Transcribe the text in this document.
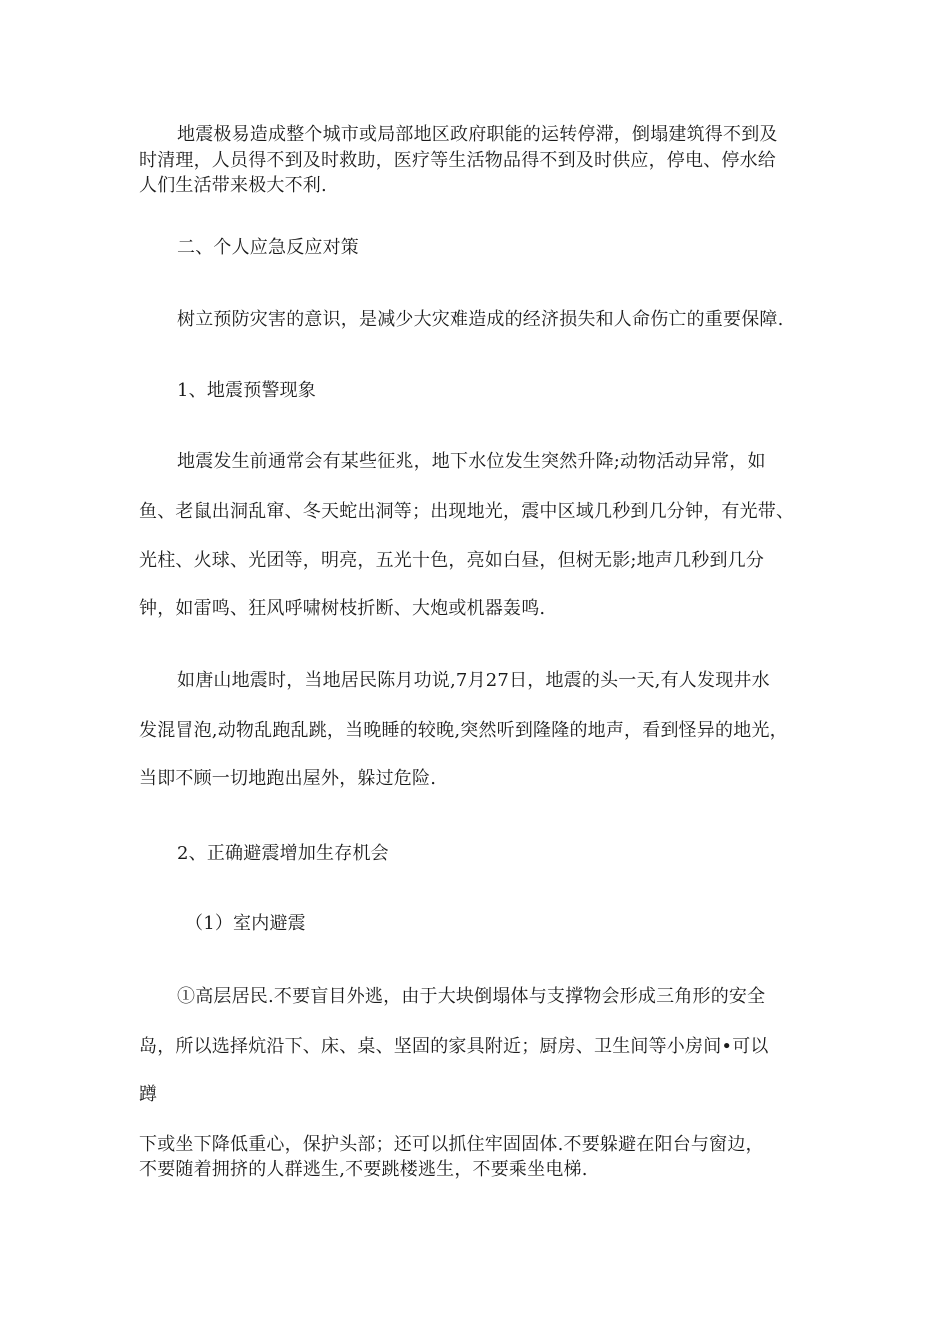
地震极易造成整个城市或局部地区政府职能的运转停滞，倒塌建筑得不到及
时清理，人员得不到及时救助，医疗等生活物品得不到及时供应，停电、停水给
人们生活带来极大不利.
二、个人应急反应对策
树立预防灾害的意识，是减少大灾难造成的经济损失和人命伤亡的重要保障.
1、地震预警现象
地震发生前通常会有某些征兆，地下水位发生突然升降;动物活动异常，如
鱼、老鼠出洞乱窜、冬天蛇出洞等；出现地光，震中区域几秒到几分钟，有光带、
光柱、火球、光团等，明亮，五光十色，亮如白昼，但树无影;地声几秒到几分
钟，如雷鸣、狂风呼啸树枝折断、大炮或机器轰鸣.
如唐山地震时，当地居民陈月功说,7月27日，地震的头一天,有人发现井水
发混冒泡,动物乱跑乱跳，当晚睡的较晚,突然听到隆隆的地声，看到怪异的地光，
当即不顾一切地跑出屋外，躲过危险.
2、正确避震增加生存机会
（1）室内避震
①高层居民.不要盲目外逃，由于大块倒塌体与支撑物会形成三角形的安全
岛，所以选择炕沿下、床、桌、坚固的家具附近；厨房、卫生间等小房间•可以
蹲
下或坐下降低重心，保护头部；还可以抓住牢固固体.不要躲避在阳台与窗边，
不要随着拥挤的人群逃生,不要跳楼逃生，不要乘坐电梯.
